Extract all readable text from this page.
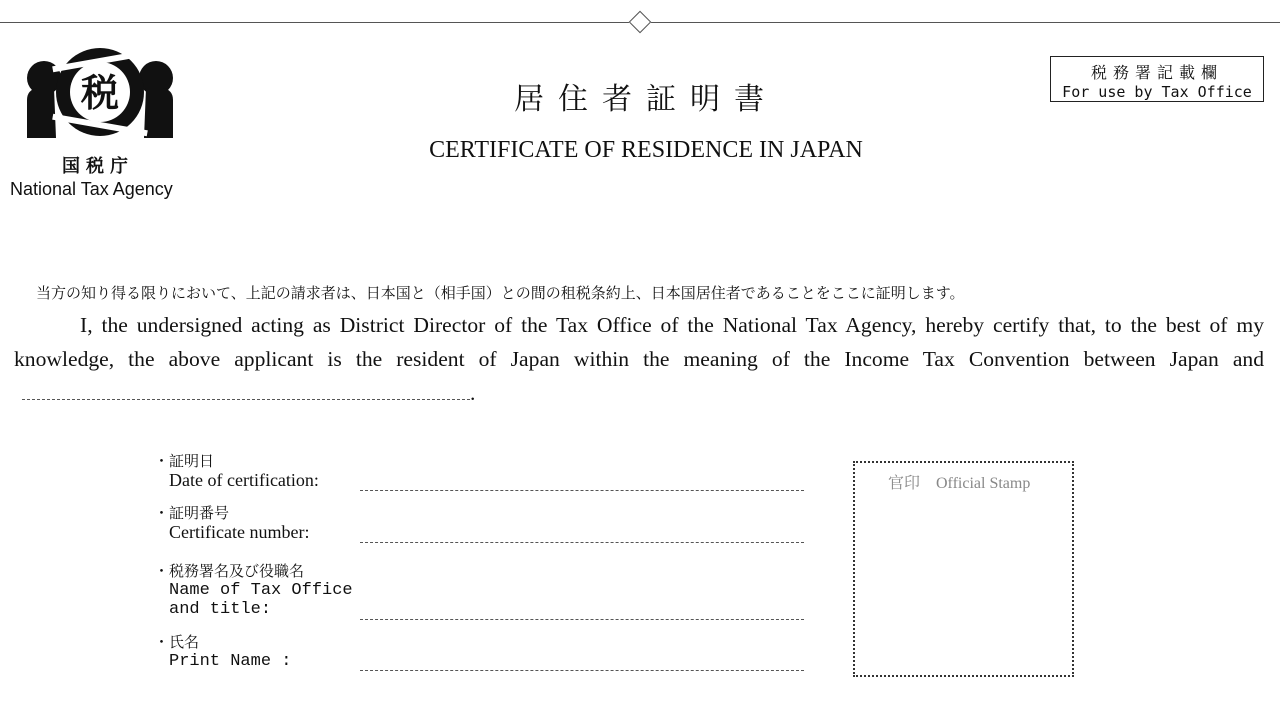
税
国税庁
National Tax Agency
居住者証明書
CERTIFICATE OF RESIDENCE IN JAPAN
税務署記載欄
For use by Tax Office
当方の知り得る限りにおいて、上記の請求者は、日本国と（相手国）との間の租税条約上、日本国居住者であることをここに証明します。
I, the undersigned acting as District Director of the Tax Office of the National Tax Agency, hereby certify that, to the best of my knowledge, the above applicant is the resident of Japan within the meaning of the Income Tax Convention between Japan and.
・証明日
Date of certification:
・証明番号
Certificate number:
・税務署名及び役職名
Name of Tax Office
and title:
・氏名
Print Name :
官印　Official Stamp
